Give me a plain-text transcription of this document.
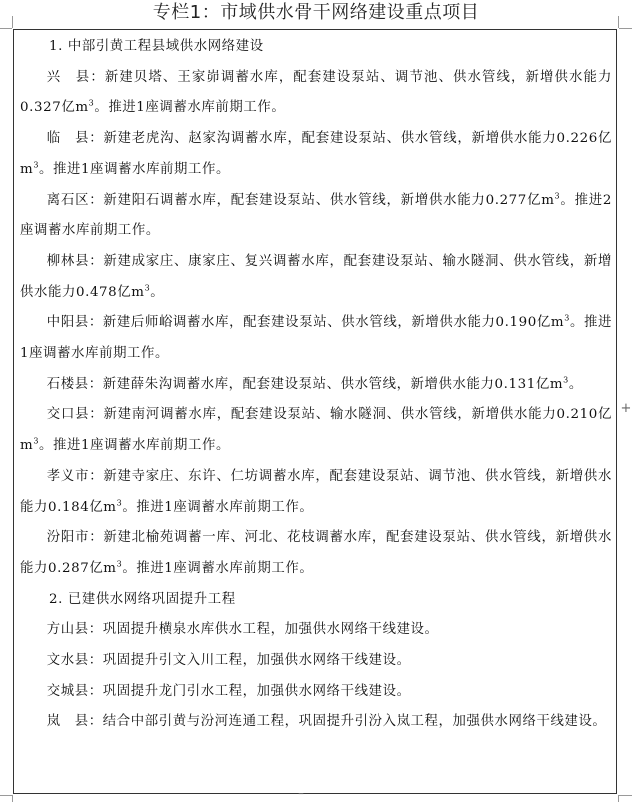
专栏1：市域供水骨干网络建设重点项目

1. 中部引黄工程县域供水网络建设

兴　县：新建贝塔、王家峁调蓄水库，配套建设泵站、调节池、供水管线，新增供水能力0.327亿$m^3$。推进1座调蓄水库前期工作。

临　县：新建老虎沟、赵家沟调蓄水库，配套建设泵站、供水管线，新增供水能力0.226亿$m^3$。推进1座调蓄水库前期工作。

离石区：新建阳石调蓄水库，配套建设泵站、供水管线，新增供水能力0.277亿$m^3$。推进2座调蓄水库前期工作。

柳林县：新建成家庄、康家庄、复兴调蓄水库，配套建设泵站、输水隧洞、供水管线，新增供水能力0.478亿$m^3$。

中阳县：新建后师峪调蓄水库，配套建设泵站、供水管线，新增供水能力0.190亿$m^3$。推进1座调蓄水库前期工作。

石楼县：新建薛朱沟调蓄水库，配套建设泵站、供水管线，新增供水能力0.131亿$m^3$。

交口县：新建南河调蓄水库，配套建设泵站、输水隧洞、供水管线，新增供水能力0.210亿$m^3$。推进1座调蓄水库前期工作。

孝义市：新建寺家庄、东许、仁坊调蓄水库，配套建设泵站、调节池、供水管线，新增供水能力0.184亿$m^3$。推进1座调蓄水库前期工作。

汾阳市：新建北榆苑调蓄一库、河北、花枝调蓄水库，配套建设泵站、供水管线，新增供水能力0.287亿$m^3$。推进1座调蓄水库前期工作。

2. 已建供水网络巩固提升工程

方山县：巩固提升横泉水库供水工程，加强供水网络干线建设。

文水县：巩固提升引文入川工程，加强供水网络干线建设。

交城县：巩固提升龙门引水工程，加强供水网络干线建设。

岚　县：结合中部引黄与汾河连通工程，巩固提升引汾入岚工程，加强供水网络干线建设。

+
‾
